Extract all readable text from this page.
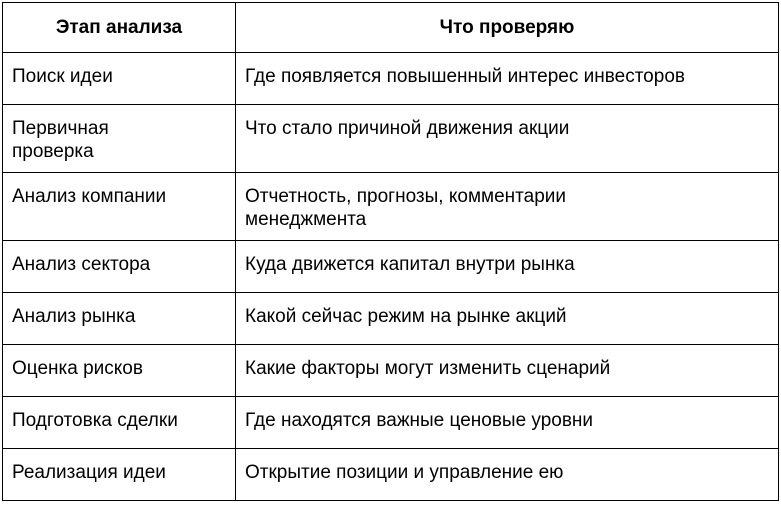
Этап анализа	Что проверяю
Поиск идеи	Где появляется повышенный интерес инвесторов
Первичная проверка	Что стало причиной движения акции
Анализ компании	Отчетность, прогнозы, комментарии менеджмента
Анализ сектора	Куда движется капитал внутри рынка
Анализ рынка	Какой сейчас режим на рынке акций
Оценка рисков	Какие факторы могут изменить сценарий
Подготовка сделки	Где находятся важные ценовые уровни
Реализация идеи	Открытие позиции и управление ею
